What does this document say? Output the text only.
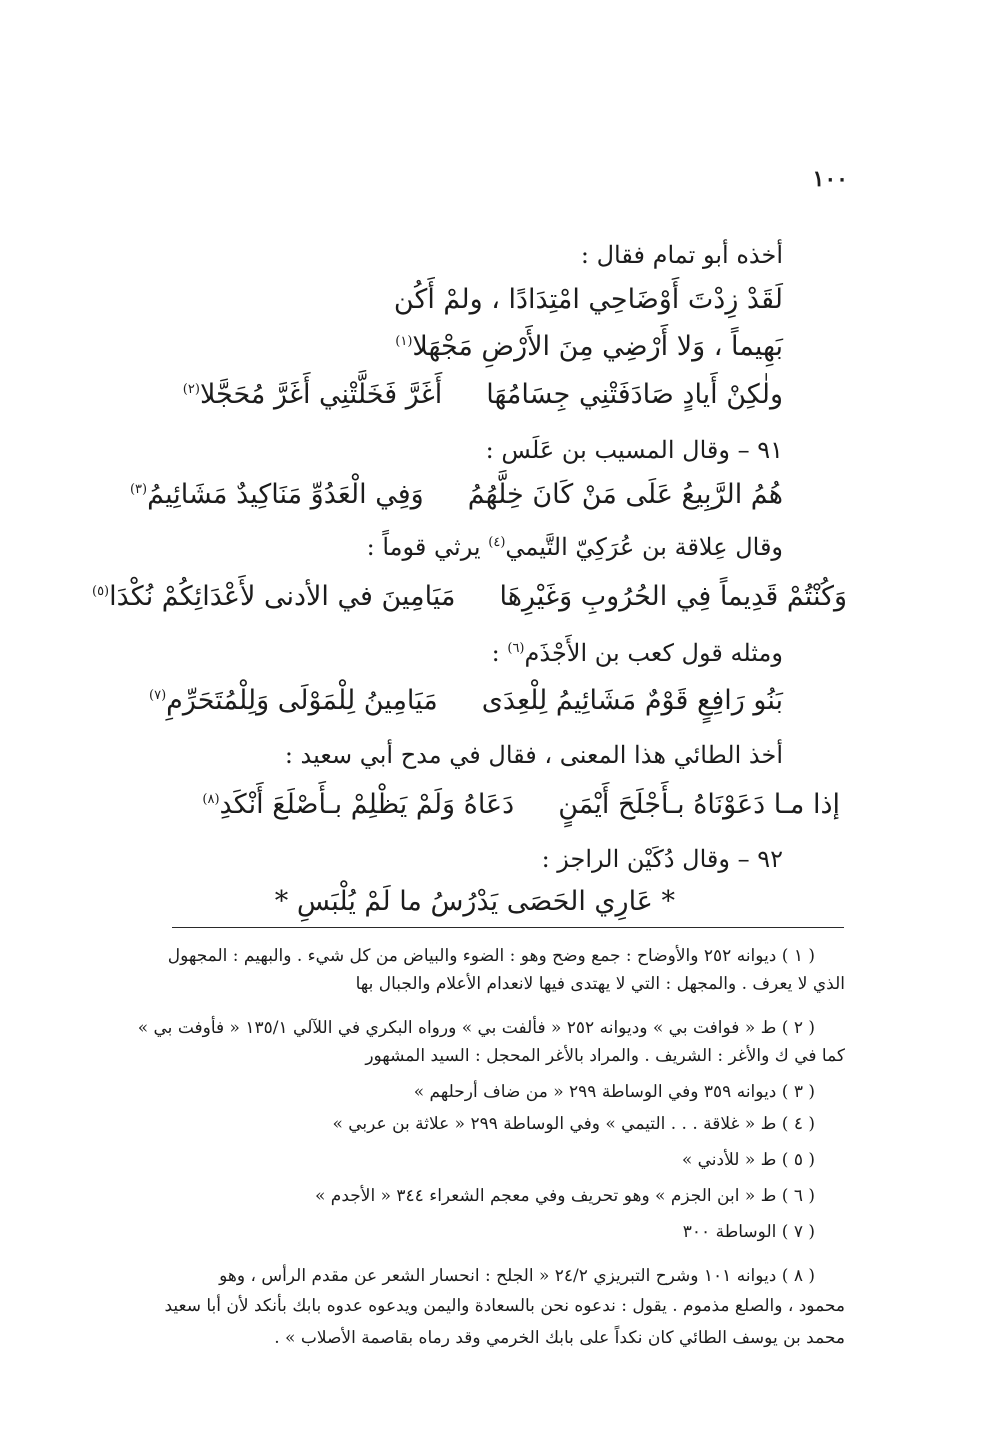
١٠٠
أخذه أبو تمام فقال :
لَقَدْ زِدْتَ أَوْضَاحِي امْتِدَادًا ، ولمْ أَكُن
بَهِيماً ، وَلا أَرْضِي مِنَ الأَرْضِ مَجْهَلا$^{(١)}$
ولٰكِنْ أَيادٍ صَادَفَتْنِي جِسَامُهَاأَغَرَّ فَخَلَّتْنِي أَغَرَّ مُحَجَّلا$^{(٢)}$
٩١ – وقال المسيب بن عَلَس :
هُمُ الرَّبِيعُ عَلَى مَنْ كَانَ خِلَّهُمُوَفِي الْعَدُوِّ مَنَاكِيدٌ مَشَائِيمُ$^{(٣)}$
وقال عِلاقة بن عُرَكِيّ التَّيمي$^{(٤)}$ يرثي قوماً :
وَكُنْتُمْ قَدِيماً فِي الحُرُوبِ وَغَيْرِهَامَيَامِينَ في الأدنى لأَعْدَائِكُمْ نُكْدَا$^{(٥)}$
ومثله قول كعب بن الأَجْذَم$^{(٦)}$ :
بَنُو رَافِعٍ قَوْمٌ مَشَائِيمُ لِلْعِدَىمَيَامِينُ لِلْمَوْلَى وَلِلْمُتَحَرِّمِ$^{(٧)}$
أخذ الطائي هذا المعنى ، فقال في مدح أبي سعيد :
إذا مـا دَعَوْنَاهُ بـأَجْلَحَ أَيْمَنٍدَعَاهُ وَلَمْ يَظْلِمْ بـأَصْلَعَ أَنْكَدِ$^{(٨)}$
٩٢ – وقال دُكَيْن الراجز :
* عَارِي الحَصَى يَدْرُسُ ما لَمْ يُلْبَسِ *
( ١ ) ديوانه ٢٥٢ والأوضاح : جمع وضح وهو : الضوء والبياض من كل شيء . والبهيم : المجهول
الذي لا يعرف . والمجهل : التي لا يهتدى فيها لانعدام الأعلام والجبال بها
( ٢ ) ط « فوافت بي » وديوانه ٢٥٢ « فألفت بي » ورواه البكري في اللآلي ١٣٥/١ « فأوفت بي »
كما في ك والأغر : الشريف . والمراد بالأغر المحجل : السيد المشهور
( ٣ ) ديوانه ٣٥٩ وفي الوساطة ٢٩٩ « من ضاف أرحلهم »
( ٤ ) ط « غلاقة . . . التيمي » وفي الوساطة ٢٩٩ « علاثة بن عربي »
( ٥ ) ط « للأدني »
( ٦ ) ط « ابن الجزم » وهو تحريف وفي معجم الشعراء ٣٤٤ « الأجدم »
( ٧ ) الوساطة ٣٠٠
( ٨ ) ديوانه ١٠١ وشرح التبريزي ٢٤/٢ « الجلح : انحسار الشعر عن مقدم الرأس ، وهو
محمود ، والصلع مذموم . يقول : ندعوه نحن بالسعادة واليمن ويدعوه عدوه بابك بأنكد لأن أبا سعيد
محمد بن يوسف الطائي كان نكداً على بابك الخرمي وقد رماه بقاصمة الأصلاب » .
